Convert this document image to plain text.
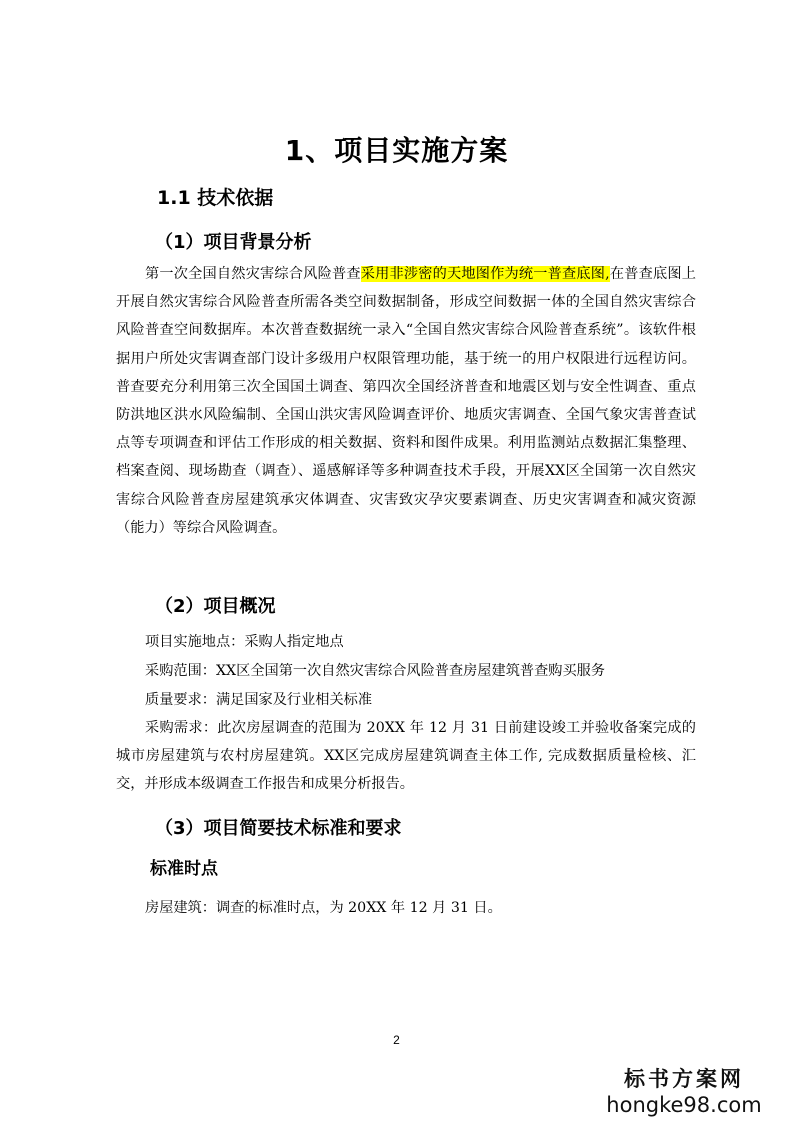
1、项目实施方案
1.1 技术依据
（1）项目背景分析
第一次全国自然灾害综合风险普查采用非涉密的天地图作为统一普查底图,在普查底图上开展自然灾害综合风险普查所需各类空间数据制备，形成空间数据一体的全国自然灾害综合风险普查空间数据库。本次普查数据统一录入“全国自然灾害综合风险普查系统”。该软件根据用户所处灾害调查部门设计多级用户权限管理功能，基于统一的用户权限进行远程访问。普查要充分利用第三次全国国土调查、第四次全国经济普查和地震区划与安全性调查、重点防洪地区洪水风险编制、全国山洪灾害风险调查评价、地质灾害调查、全国气象灾害普查试点等专项调查和评估工作形成的相关数据、资料和图件成果。利用监测站点数据汇集整理、档案查阅、现场勘查（调查）、遥感解译等多种调查技术手段，开展XX区全国第一次自然灾害综合风险普查房屋建筑承灾体调查、灾害致灾孕灾要素调查、历史灾害调查和减灾资源（能力）等综合风险调查。
（2）项目概况
项目实施地点：采购人指定地点
采购范围：XX区全国第一次自然灾害综合风险普查房屋建筑普查购买服务
质量要求：满足国家及行业相关标准
采购需求：此次房屋调查的范围为 20XX 年 12 月 31 日前建设竣工并验收备案完成的城市房屋建筑与农村房屋建筑。XX区完成房屋建筑调查主体工作, 完成数据质量检核、汇交，并形成本级调查工作报告和成果分析报告。
（3）项目简要技术标准和要求
标准时点
房屋建筑：调查的标准时点，为 20XX 年 12 月 31 日。
2
标书方案网
hongke98.com
